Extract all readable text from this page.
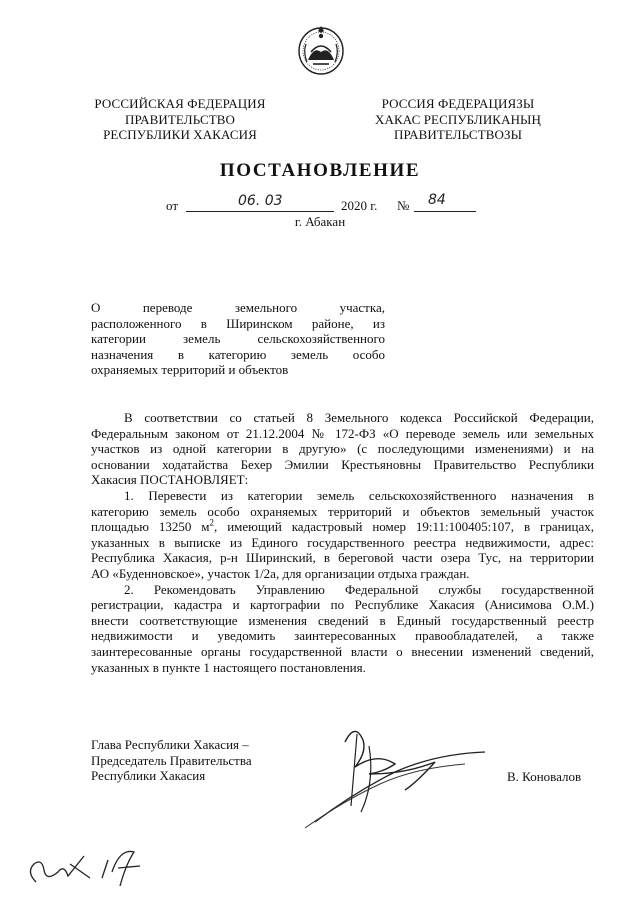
РОССИЙСКАЯ ФЕДЕРАЦИЯ
ПРАВИТЕЛЬСТВО
РЕСПУБЛИКИ ХАКАСИЯ
РОССИЯ ФЕДЕРАЦИЯЗЫ
ХАКАС РЕСПУБЛИКАНЫҢ
ПРАВИТЕЛЬСТВОЗЫ
ПОСТАНОВЛЕНИЕ
от	06. 03	2020 г. № 84
г. Абакан
О переводе земельного участка,
расположенного в Ширинском районе, из
категории земель сельскохозяйственного
назначения в категорию земель особо
охраняемых территорий и объектов
В соответствии со статьей 8 Земельного кодекса Российской Федерации,
Федеральным законом от 21.12.2004 № 172-ФЗ «О переводе земель или земельных
участков из одной категории в другую» (с последующими изменениями) и на
основании ходатайства Бехер Эмилии Крестьяновны Правительство Республики
Хакасия ПОСТАНОВЛЯЕТ:
1. Перевести из категории земель сельскохозяйственного назначения в
категорию земель особо охраняемых территорий и объектов земельный участок
площадью 13250 $м^2$, имеющий кадастровый номер 19:11:100405:107, в границах,
указанных в выписке из Единого государственного реестра недвижимости, адрес:
Республика Хакасия, р-н Ширинский, в береговой части озера Тус, на территории
АО «Буденновское», участок 1/2а, для организации отдыха граждан.
2. Рекомендовать Управлению Федеральной службы государственной
регистрации, кадастра и картографии по Республике Хакасия (Анисимова О.М.)
внести соответствующие изменения сведений в Единый государственный реестр
недвижимости и уведомить заинтересованных правообладателей, а также
заинтересованные органы государственной власти о внесении изменений сведений,
указанных в пункте 1 настоящего постановления.
Глава Республики Хакасия –
Председатель Правительства
Республики Хакасия	В. Коновалов
